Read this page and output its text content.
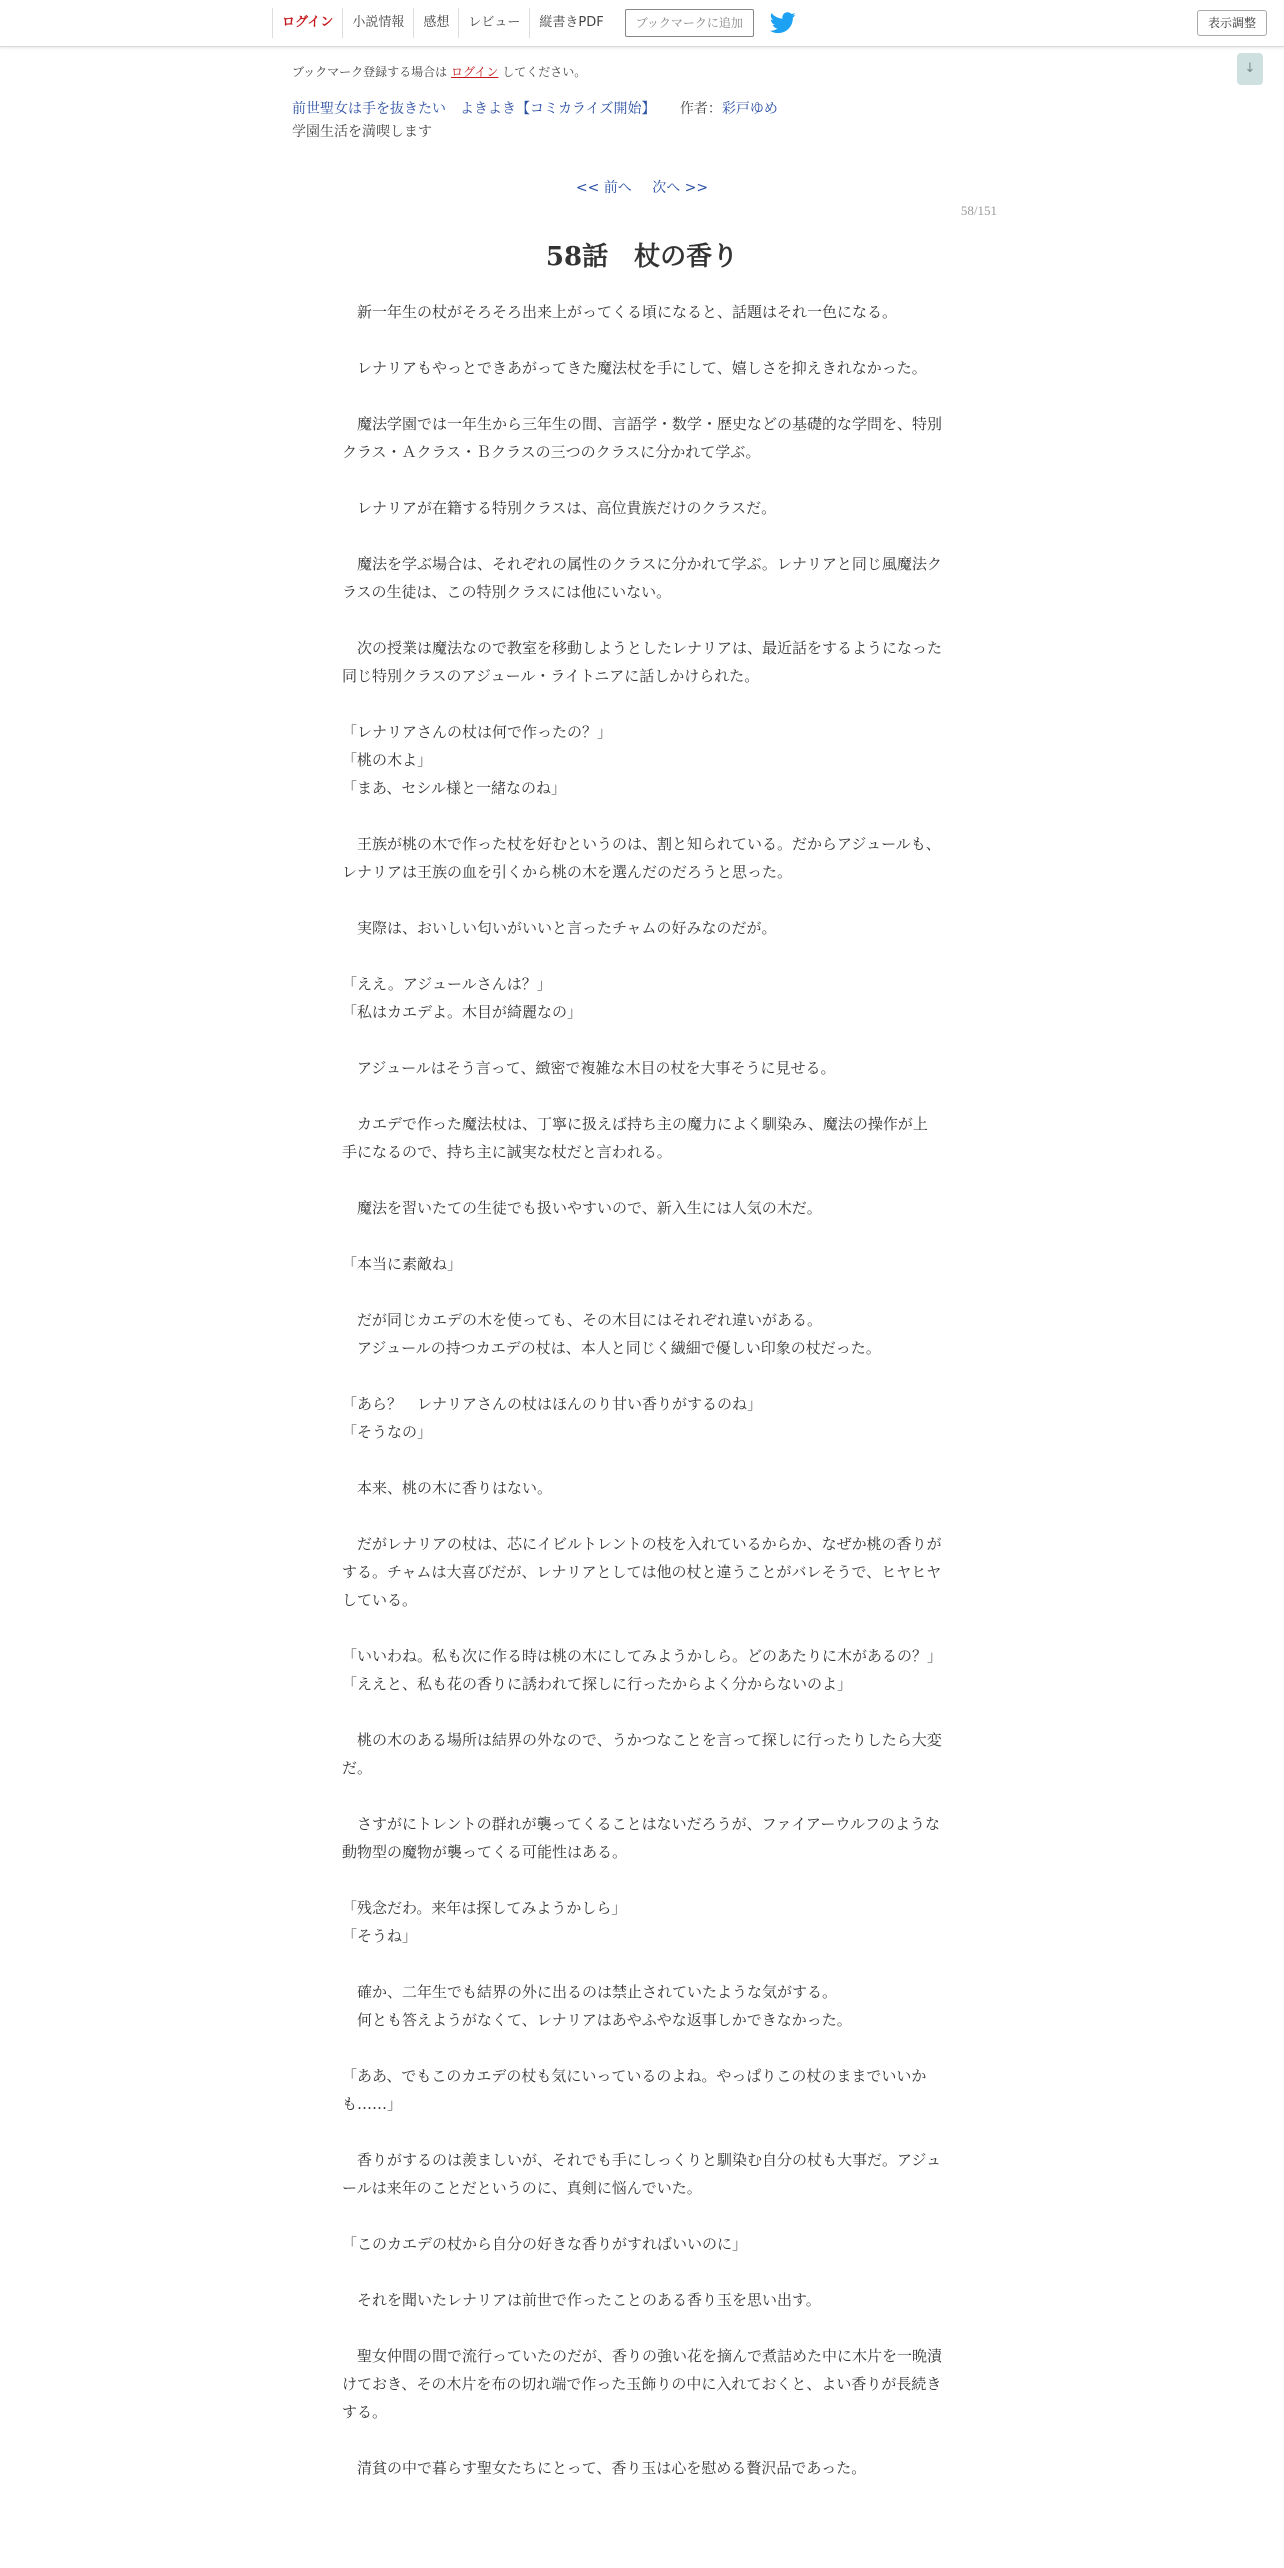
ログイン	小説情報	感想	レビュー	縦書きPDF	ブックマークに追加	表示調整
↓
ブックマーク登録する場合は ログイン してください。
前世聖女は手を抜きたい　よきよき【コミカライズ開始】 作者：彩戸ゆめ
学園生活を満喫します
<< 前へ 次へ >>
58/151
58話　杖の香り

　新一年生の杖がそろそろ出来上がってくる頃になると、話題はそれ一色になる。

　レナリアもやっとできあがってきた魔法杖を手にして、嬉しさを抑えきれなかった。

　魔法学園では一年生から三年生の間、言語学・数学・歴史などの基礎的な学問を、特別クラス・Ａクラス・Ｂクラスの三つのクラスに分かれて学ぶ。

　レナリアが在籍する特別クラスは、高位貴族だけのクラスだ。

　魔法を学ぶ場合は、それぞれの属性のクラスに分かれて学ぶ。レナリアと同じ風魔法クラスの生徒は、この特別クラスには他にいない。

　次の授業は魔法なので教室を移動しようとしたレナリアは、最近話をするようになった同じ特別クラスのアジュール・ライトニアに話しかけられた。

「レナリアさんの杖は何で作ったの？」

「桃の木よ」

「まあ、セシル様と一緒なのね」

　王族が桃の木で作った杖を好むというのは、割と知られている。だからアジュールも、レナリアは王族の血を引くから桃の木を選んだのだろうと思った。

　実際は、おいしい匂いがいいと言ったチャムの好みなのだが。

「ええ。アジュールさんは？」

「私はカエデよ。木目が綺麗なの」

　アジュールはそう言って、緻密で複雑な木目の杖を大事そうに見せる。

　カエデで作った魔法杖は、丁寧に扱えば持ち主の魔力によく馴染み、魔法の操作が上手になるので、持ち主に誠実な杖だと言われる。

　魔法を習いたての生徒でも扱いやすいので、新入生には人気の木だ。

「本当に素敵ね」

　だが同じカエデの木を使っても、その木目にはそれぞれ違いがある。

　アジュールの持つカエデの杖は、本人と同じく繊細で優しい印象の杖だった。

「あら？　レナリアさんの杖はほんのり甘い香りがするのね」

「そうなの」

　本来、桃の木に香りはない。

　だがレナリアの杖は、芯にイビルトレントの枝を入れているからか、なぜか桃の香りがする。チャムは大喜びだが、レナリアとしては他の杖と違うことがバレそうで、ヒヤヒヤしている。

「いいわね。私も次に作る時は桃の木にしてみようかしら。どのあたりに木があるの？」

「ええと、私も花の香りに誘われて探しに行ったからよく分からないのよ」

　桃の木のある場所は結界の外なので、うかつなことを言って探しに行ったりしたら大変だ。

　さすがにトレントの群れが襲ってくることはないだろうが、ファイアーウルフのような動物型の魔物が襲ってくる可能性はある。

「残念だわ。来年は探してみようかしら」

「そうね」

　確か、二年生でも結界の外に出るのは禁止されていたような気がする。

　何とも答えようがなくて、レナリアはあやふやな返事しかできなかった。

「ああ、でもこのカエデの杖も気にいっているのよね。やっぱりこの杖のままでいいかも……」

　香りがするのは羨ましいが、それでも手にしっくりと馴染む自分の杖も大事だ。アジュールは来年のことだというのに、真剣に悩んでいた。

「このカエデの杖から自分の好きな香りがすればいいのに」

　それを聞いたレナリアは前世で作ったことのある香り玉を思い出す。

　聖女仲間の間で流行っていたのだが、香りの強い花を摘んで煮詰めた中に木片を一晩漬けておき、その木片を布の切れ端で作った玉飾りの中に入れておくと、よい香りが長続きする。

　清貧の中で暮らす聖女たちにとって、香り玉は心を慰める贅沢品であった。
